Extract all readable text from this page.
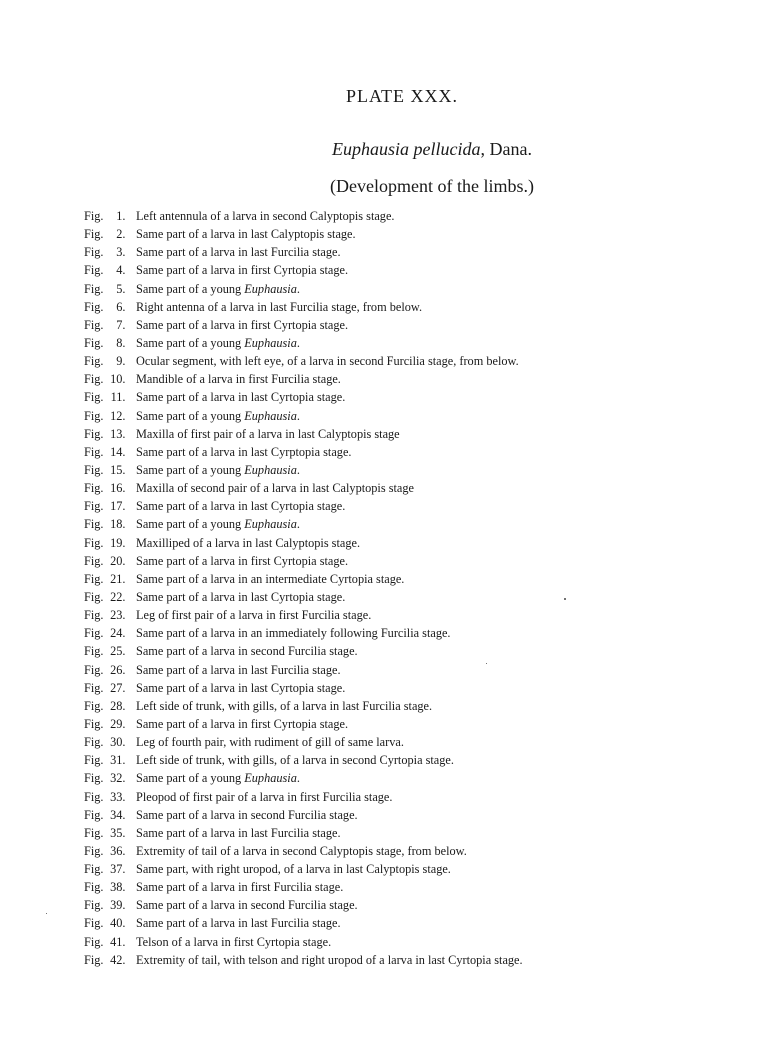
PLATE XXX.
Euphausia pellucida, Dana.
(Development of the limbs.)
Fig. 1. Left antennula of a larva in second Calyptopis stage.
Fig. 2. Same part of a larva in last Calyptopis stage.
Fig. 3. Same part of a larva in last Furcilia stage.
Fig. 4. Same part of a larva in first Cyrtopia stage.
Fig. 5. Same part of a young Euphausia.
Fig. 6. Right antenna of a larva in last Furcilia stage, from below.
Fig. 7. Same part of a larva in first Cyrtopia stage.
Fig. 8. Same part of a young Euphausia.
Fig. 9. Ocular segment, with left eye, of a larva in second Furcilia stage, from below.
Fig. 10. Mandible of a larva in first Furcilia stage.
Fig. 11. Same part of a larva in last Cyrtopia stage.
Fig. 12. Same part of a young Euphausia.
Fig. 13. Maxilla of first pair of a larva in last Calyptopis stage
Fig. 14. Same part of a larva in last Cyrptopia stage.
Fig. 15. Same part of a young Euphausia.
Fig. 16. Maxilla of second pair of a larva in last Calyptopis stage
Fig. 17. Same part of a larva in last Cyrtopia stage.
Fig. 18. Same part of a young Euphausia.
Fig. 19. Maxilliped of a larva in last Calyptopis stage.
Fig. 20. Same part of a larva in first Cyrtopia stage.
Fig. 21. Same part of a larva in an intermediate Cyrtopia stage.
Fig. 22. Same part of a larva in last Cyrtopia stage.
Fig. 23. Leg of first pair of a larva in first Furcilia stage.
Fig. 24. Same part of a larva in an immediately following Furcilia stage.
Fig. 25. Same part of a larva in second Furcilia stage.
Fig. 26. Same part of a larva in last Furcilia stage.
Fig. 27. Same part of a larva in last Cyrtopia stage.
Fig. 28. Left side of trunk, with gills, of a larva in last Furcilia stage.
Fig. 29. Same part of a larva in first Cyrtopia stage.
Fig. 30. Leg of fourth pair, with rudiment of gill of same larva.
Fig. 31. Left side of trunk, with gills, of a larva in second Cyrtopia stage.
Fig. 32. Same part of a young Euphausia.
Fig. 33. Pleopod of first pair of a larva in first Furcilia stage.
Fig. 34. Same part of a larva in second Furcilia stage.
Fig. 35. Same part of a larva in last Furcilia stage.
Fig. 36. Extremity of tail of a larva in second Calyptopis stage, from below.
Fig. 37. Same part, with right uropod, of a larva in last Calyptopis stage.
Fig. 38. Same part of a larva in first Furcilia stage.
Fig. 39. Same part of a larva in second Furcilia stage.
Fig. 40. Same part of a larva in last Furcilia stage.
Fig. 41. Telson of a larva in first Cyrtopia stage.
Fig. 42. Extremity of tail, with telson and right uropod of a larva in last Cyrtopia stage.
